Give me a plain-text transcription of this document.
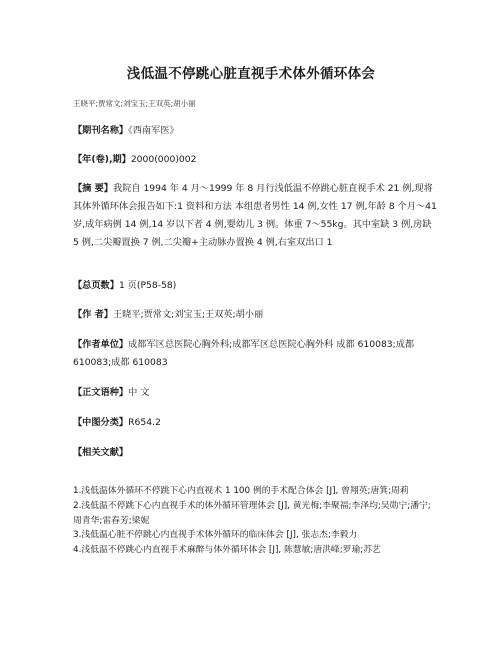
浅低温不停跳心脏直视手术体外循环体会
王晓平;贾常文;刘宝玉;王双英;胡小丽
【期刊名称】《西南军医》
【年(卷),期】2000(000)002
【摘 要】我院自 1994 年 4 月～1999 年 8 月行浅低温不停跳心脏直视手术 21 例,现将其体外循环体会报告如下:1 资料和方法 本组患者男性 14 例,女性 17 例,年龄 8 个月～41 岁,成年病例 14 例,14 岁以下者 4 例,婴幼儿 3 例。体重 7～55kg。其中室缺 3 例,房缺 5 例,二尖瓣置换 7 例,二尖瓣+主动脉办置换 4 例,右室双出口 1
【总页数】1 页(P58-58)
【作 者】王晓平;贾常文;刘宝玉;王双英;胡小丽
【作者单位】成都军区总医院心胸外科;成都军区总医院心胸外科 成都 610083;成都 610083;成都 610083
【正文语种】中 文
【中图分类】R654.2
【相关文献】

1.浅低温体外循环不停跳下心内直视术 1 100 例的手术配合体会 [J], 曾翔英;唐箕;周莉

2.浅低温不停跳下心内直视手术的体外循环管理体会 [J], 黄光梅;李聚福;李泽均;吴勋宁;潘宁;周青华;雷春芳;梁妮

3.浅低温心脏不停跳心内直视手术体外循环的临床体会 [J], 张志杰;李毅力

4.浅低温不停跳心内直视手术麻醉与体外循环体会 [J], 陈慧敏;唐洪峰;罗瑜;苏艺
